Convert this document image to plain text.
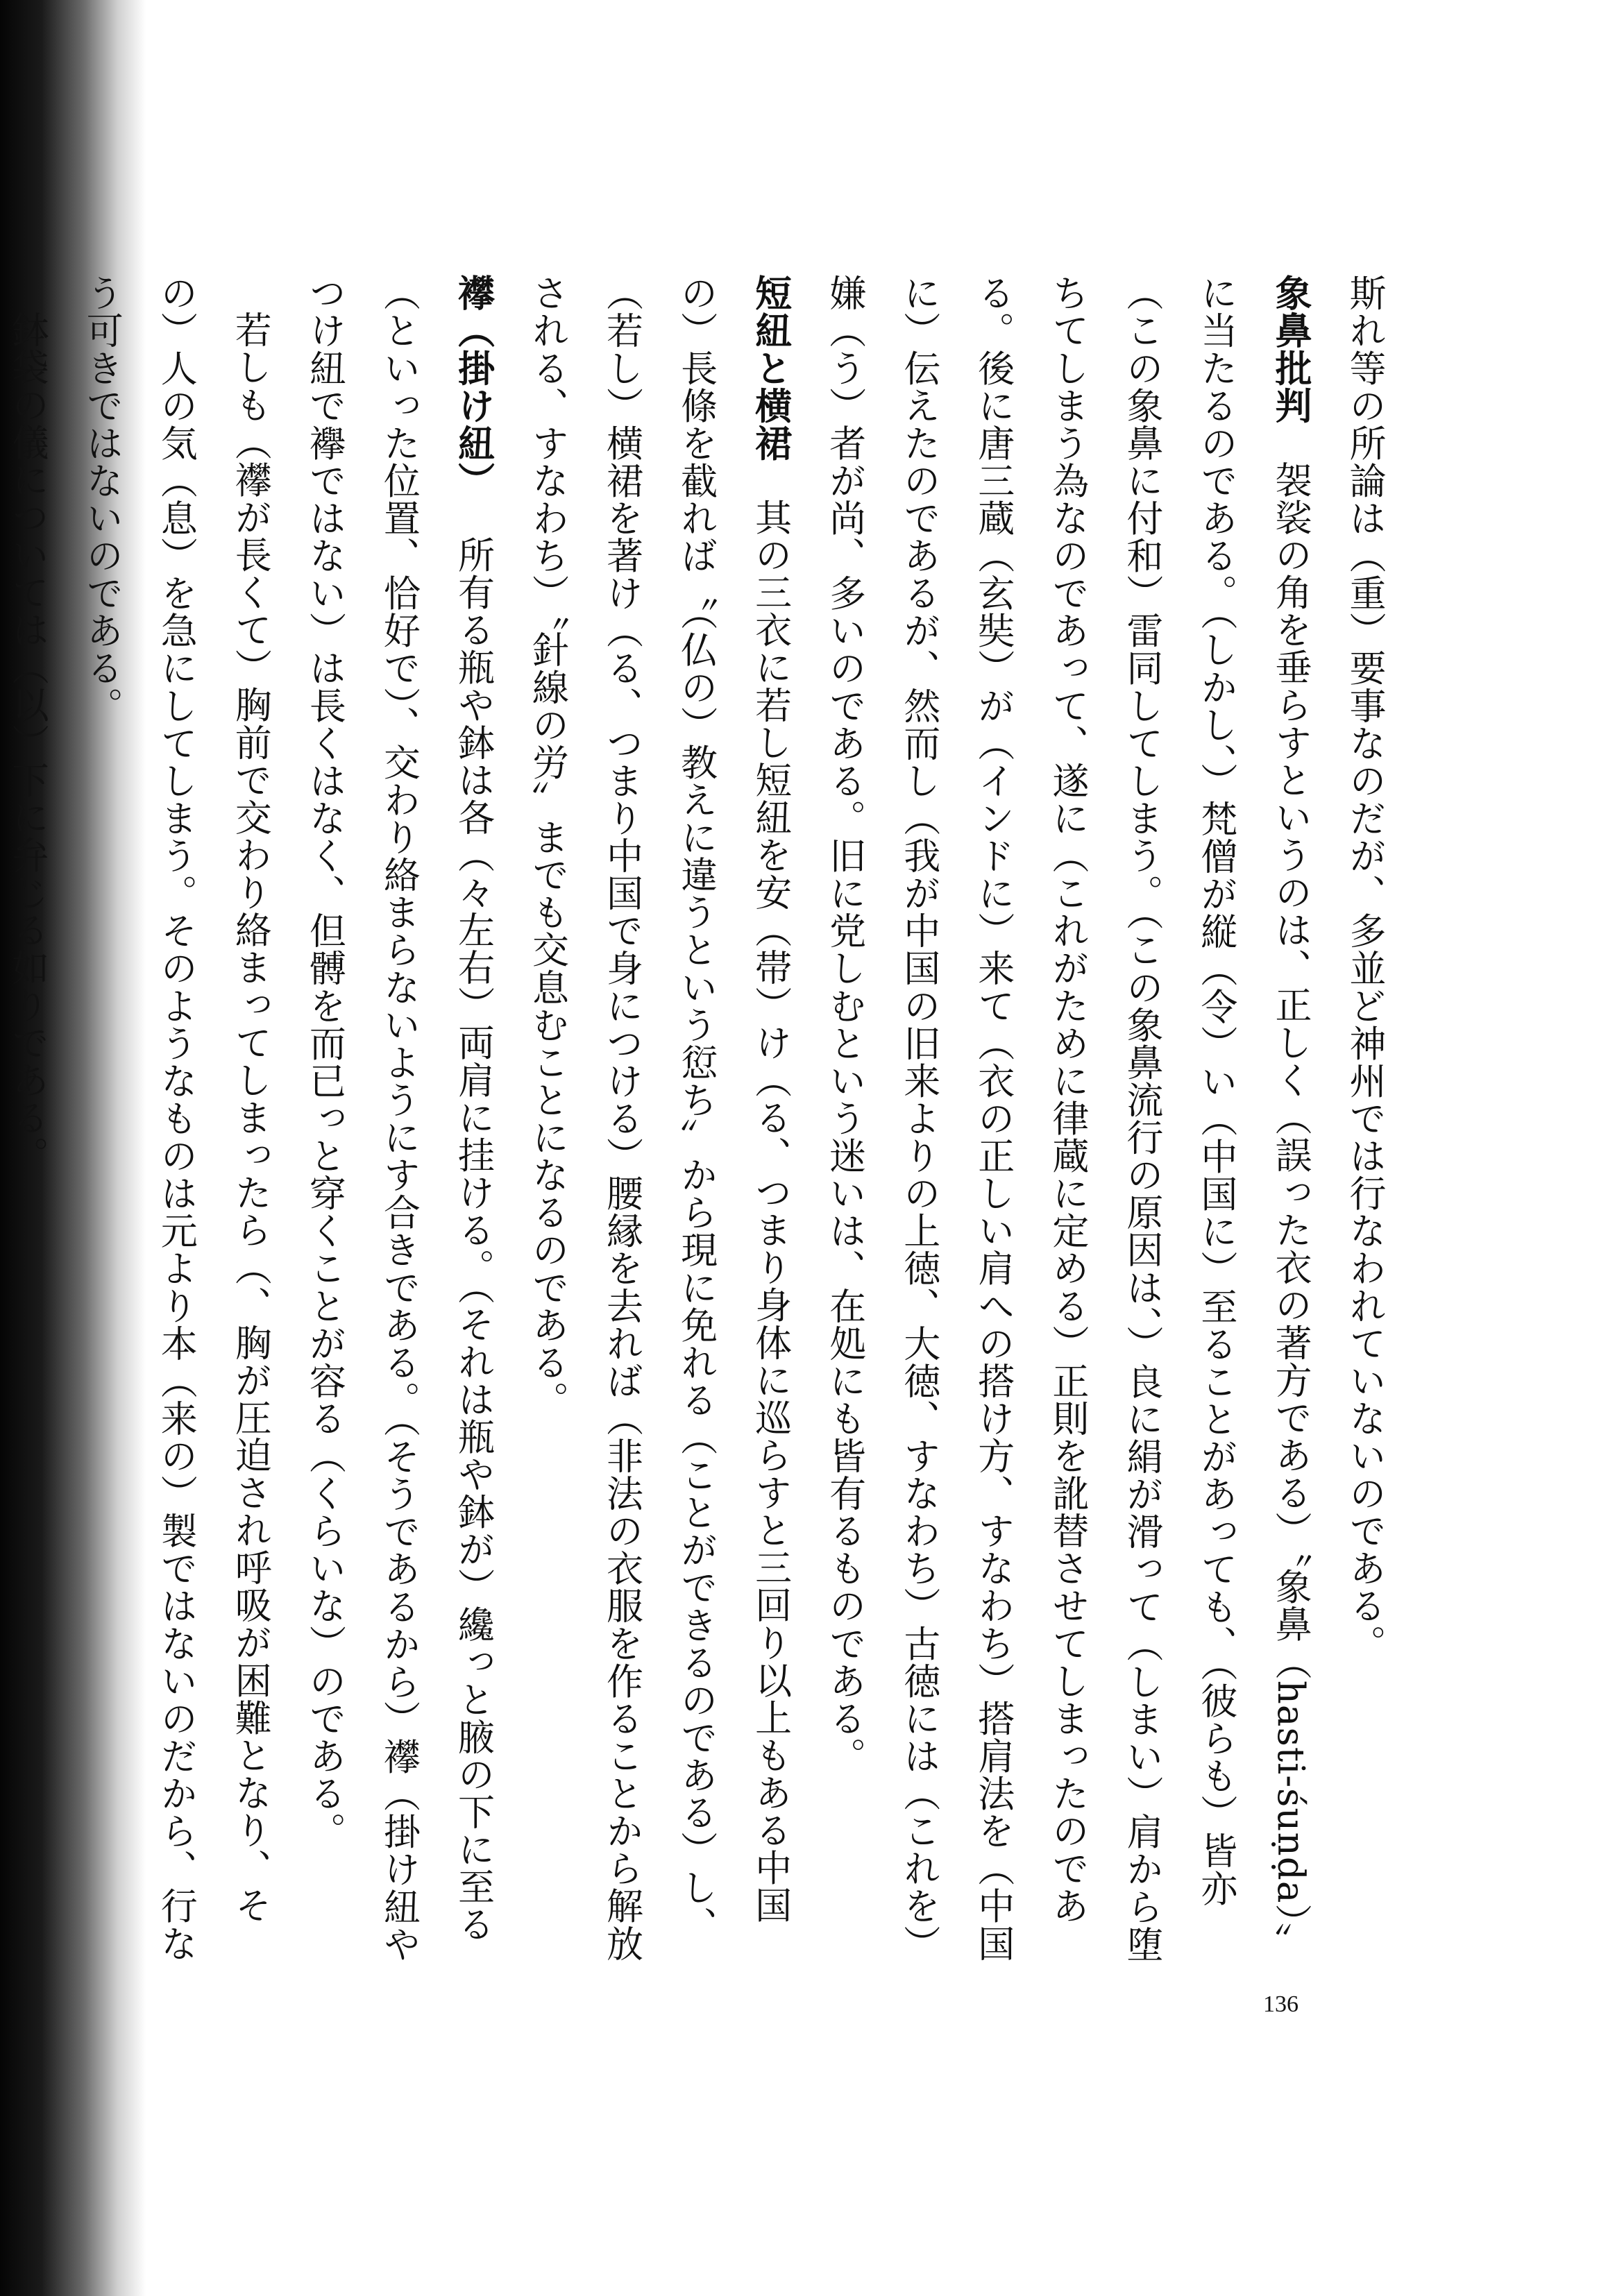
斯れ等の所論は（重）要事なのだが、多並ど神州では行なわれていないのである。

象鼻批判袈裟の角を垂らすというのは、正しく（誤った衣の著方である）〝象鼻（hasti-śuṇḍa）〟に当たるのである。（しかし、）梵僧が縦（令）い（中国に）至ることがあっても、（彼らも）皆亦（この象鼻に付和）雷同してしまう。（この象鼻流行の原因は、）良に絹が滑って（しまい）肩から堕ちてしまう為なのであって、遂に（これがために律蔵に定める）正則を訛替させてしまったのである。後に唐三蔵（玄奘）が（インドに）来て（衣の正しい肩への搭け方、すなわち）搭肩法を（中国に）伝えたのであるが、然而し（我が中国の旧来よりの上徳、大徳、すなわち）古徳には（これを）嫌（う）者が尚、多いのである。旧に党しむという迷いは、在処にも皆有るものである。

短紐と横裙其の三衣に若し短紐を安（帯）け（る、つまり身体に巡らすと三回り以上もある中国の）長條を截れば〝（仏の）教えに違うという愆ち〟から現に免れる（ことができるのである）し、（若し）横裙を著け（る、つまり中国で身につける）腰縁を去れば（非法の衣服を作ることから解放される、すなわち）〝針線の労〟までも交息むことになるのである。

襻（掛け紐）所有る瓶や鉢は各（々左右）両肩に挂ける。（それは瓶や鉢が）纔っと腋の下に至る（といった位置、恰好で）、交わり絡まらないようにす合きである。（そうであるから）襻（掛け紐やつけ紐で襷ではない）は長くはなく、但髆を而已っと穿くことが容る（くらいな）のである。

若しも（襻が長くて）胸前で交わり絡まってしまったら（、胸が圧迫され呼吸が困難となり、その）人の気（息）を急にしてしまう。そのようなものは元より本（来の）製ではないのだから、行なう可きではないのである。

鉢袋の儀については（以）下に弁じる如りである。

136
